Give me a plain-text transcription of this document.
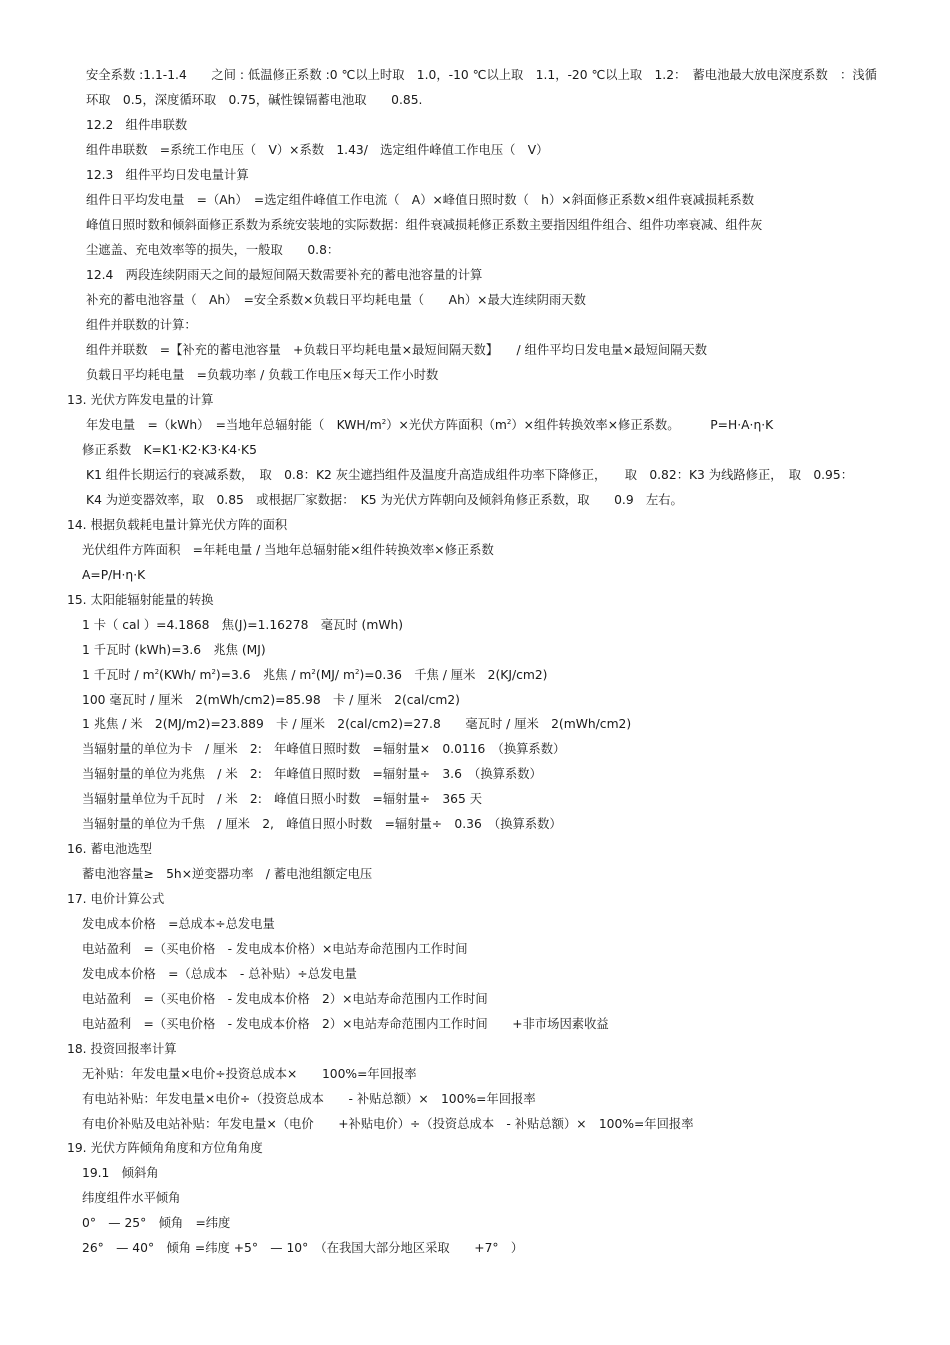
安全系数 :1.1-1.4　　之间 : 低温修正系数 :0 ℃以上时取　1.0，-10 ℃以上取　1.1，-20 ℃以上取　1.2：　蓄电池最大放电深度系数　：浅循
环取　0.5，深度循环取　0.75，碱性镍镉蓄电池取　　0.85.
12.2　组件串联数
组件串联数　=系统工作电压（　V）×系数　1.43/　选定组件峰值工作电压（　V）
12.3　组件平均日发电量计算
组件日平均发电量　=（Ah）　=选定组件峰值工作电流（　A）×峰值日照时数（　h）×斜面修正系数×组件衰减损耗系数
峰值日照时数和倾斜面修正系数为系统安装地的实际数据：组件衰减损耗修正系数主要指因组件组合、组件功率衰减、组件灰
尘遮盖、充电效率等的损失，一般取　　0.8：
12.4　两段连续阴雨天之间的最短间隔天数需要补充的蓄电池容量的计算
补充的蓄电池容量（　Ah）　=安全系数×负载日平均耗电量（　　Ah）×最大连续阴雨天数
组件并联数的计算：
组件并联数　=【补充的蓄电池容量　+负载日平均耗电量×最短间隔天数】　　/ 组件平均日发电量×最短间隔天数
负载日平均耗电量　=负载功率 / 负载工作电压×每天工作小时数
13. 光伏方阵发电量的计算
年发电量　=（kWh）　=当地年总辐射能（　KWH/$m^2)\times$光伏方阵面积$(m^2)\times$组件转换效率×修正系数。　　　P=H·A·η·K
修正系数　K=K1·K2·K3·K4·K5
K1 组件长期运行的衰减系数，　取　0.8：K2 灰尘遮挡组件及温度升高造成组件功率下降修正，　　取　0.82：K3 为线路修正，　取　0.95：
K4 为逆变器效率，取　0.85　或根据厂家数据：　K5 为光伏方阵朝向及倾斜角修正系数，取　　0.9　左右。
14. 根据负载耗电量计算光伏方阵的面积
光伏组件方阵面积　=年耗电量 / 当地年总辐射能×组件转换效率×修正系数
A=P/H·η·K
15. 太阳能辐射能量的转换
1 卡（ cal ）=4.1868　焦(J)=1.16278　毫瓦时 (mWh)
1 千瓦时 (kWh)=3.6　兆焦 (MJ)
1 千瓦时 / $m^2(KWh/$ $m^2)=3.6$　兆焦 / $m^2(MJ/$ $m^2)=0.36$　千焦 / 厘米　2(KJ/cm2)
100 毫瓦时 / 厘米　2(mWh/cm2)=85.98　卡 / 厘米　2(cal/cm2)
1 兆焦 / 米　2(MJ/m2)=23.889　卡 / 厘米　2(cal/cm2)=27.8　　毫瓦时 / 厘米　2(mWh/cm2)
当辐射量的单位为卡　/ 厘米　2:　年峰值日照时数　=辐射量×　0.0116　（换算系数）
当辐射量的单位为兆焦　/ 米　2:　年峰值日照时数　=辐射量÷　3.6　（换算系数）
当辐射量单位为千瓦时　/ 米　2:　峰值日照小时数　=辐射量÷　365 天
当辐射量的单位为千焦　/ 厘米　2,　峰值日照小时数　=辐射量÷　0.36　（换算系数）
16. 蓄电池选型
蓄电池容量≥　5h×逆变器功率　/ 蓄电池组额定电压
17. 电价计算公式
发电成本价格　=总成本÷总发电量
电站盈利　=（买电价格　- 发电成本价格）×电站寿命范围内工作时间
发电成本价格　=（总成本　- 总补贴）÷总发电量
电站盈利　=（买电价格　- 发电成本价格　2）×电站寿命范围内工作时间
电站盈利　=（买电价格　- 发电成本价格　2）×电站寿命范围内工作时间　　+非市场因素收益
18. 投资回报率计算
无补贴：年发电量×电价÷投资总成本×　　100%=年回报率
有电站补贴：年发电量×电价÷（投资总成本　　- 补贴总额）×　100%=年回报率
有电价补贴及电站补贴：年发电量×（电价　　+补贴电价）÷（投资总成本　- 补贴总额）×　100%=年回报率
19. 光伏方阵倾角角度和方位角角度
19.1　倾斜角
纬度组件水平倾角
0°　— 25°　倾角　=纬度
26°　— 40°　倾角 =纬度 +5°　— 10°　（在我国大部分地区采取　　+7°　）
